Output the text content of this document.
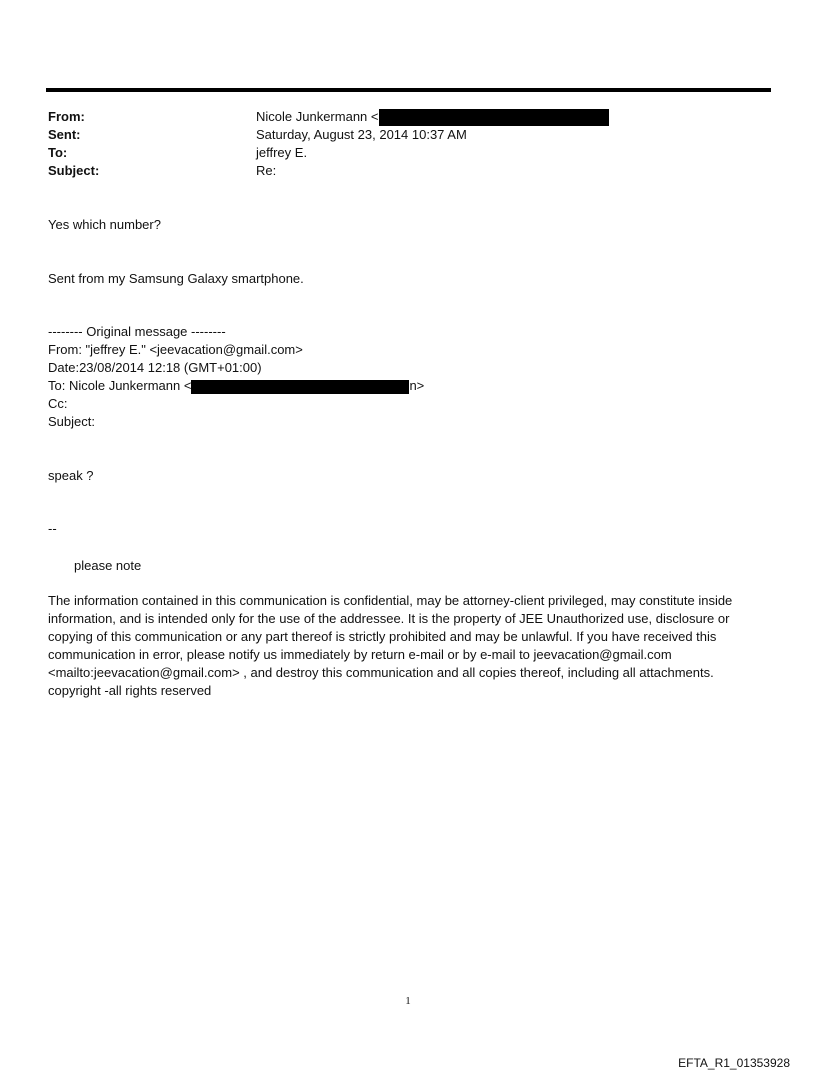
From:	Nicole Junkermann <
Sent:	Saturday, August 23, 2014 10:37 AM
To:	jeffrey E.
Subject:	Re:
Yes which number?
Sent from my Samsung Galaxy smartphone.
-------- Original message --------
From: "jeffrey E." <jeevacation@gmail.com>
Date:23/08/2014 12:18 (GMT+01:00)
To: Nicole Junkermann <	n>
Cc:
Subject:
speak ?
--
please note
The information contained in this communication is confidential, may be attorney-client privileged, may constitute inside information, and is intended only for the use of the addressee. It is the property of JEE Unauthorized use, disclosure or copying of this communication or any part thereof is strictly prohibited and may be unlawful. If you have received this communication in error, please notify us immediately by return e-mail or by e-mail to jeevacation@gmail.com <mailto:jeevacation@gmail.com> , and destroy this communication and all copies thereof, including all attachments. copyright -all rights reserved
1
EFTA_R1_01353928
